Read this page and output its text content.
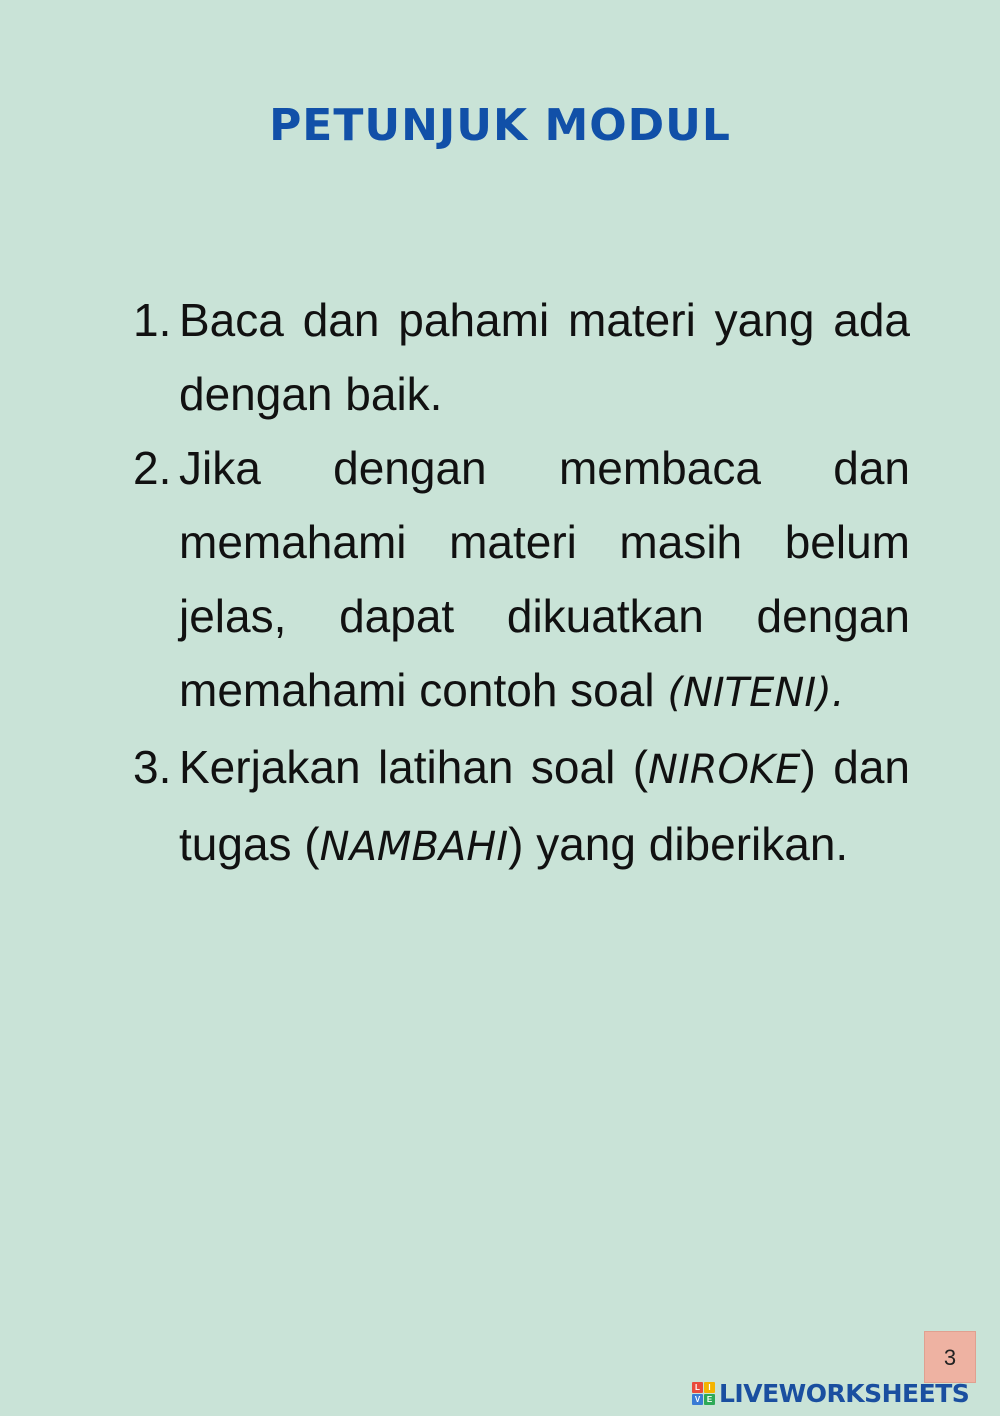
PETUNJUK MODUL
1. Baca dan pahami materi yang ada dengan baik.
2. Jika dengan membaca dan memahami materi masih belum jelas, dapat dikuatkan dengan memahami contoh soal (NITENI).
3. Kerjakan latihan soal (NIROKE) dan tugas (NAMBAHI) yang diberikan.
3
L	I
V E LIVEWORKSHEETS
